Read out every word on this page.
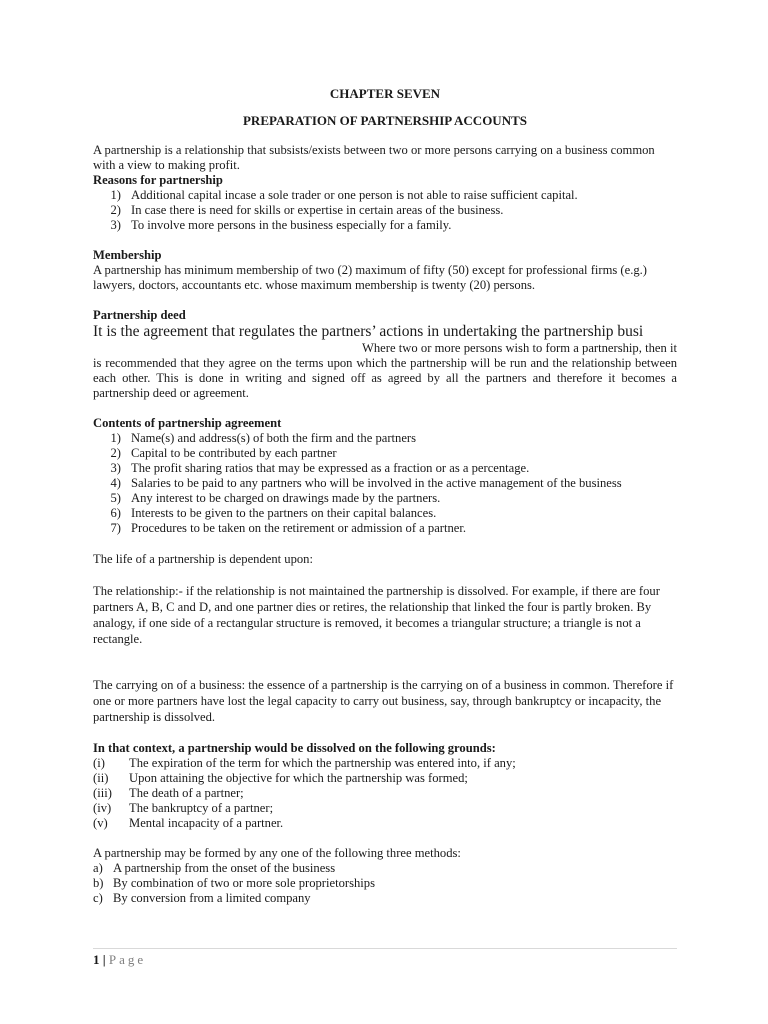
CHAPTER SEVEN
PREPARATION OF PARTNERSHIP ACCOUNTS
A partnership is a relationship that subsists/exists between two or more persons carrying on a business common with a view to making profit.
Reasons for partnership
1) Additional capital incase a sole trader or one person is not able to raise sufficient capital.
2) In case there is need for skills or expertise in certain areas of the business.
3) To involve more persons in the business especially for a family.
Membership
A partnership has minimum membership of two (2) maximum of fifty (50) except for professional firms (e.g.) lawyers, doctors, accountants etc. whose maximum membership is twenty (20) persons.
Partnership deed
It is the agreement that regulates the partners’ actions in undertaking the partnership busi
Where two or more persons wish to form a partnership, then it is recommended that they agree on the terms upon which the partnership will be run and the relationship between each other. This is done in writing and signed off as agreed by all the partners and therefore it becomes a partnership deed or agreement.
Contents of partnership agreement
1) Name(s) and address(s) of both the firm and the partners
2) Capital to be contributed by each partner
3) The profit sharing ratios that may be expressed as a fraction or as a percentage.
4) Salaries to be paid to any partners who will be involved in the active management of the business
5) Any interest to be charged on drawings made by the partners.
6) Interests to be given to the partners on their capital balances.
7) Procedures to be taken on the retirement or admission of a partner.
The life of a partnership is dependent upon:
The relationship:- if the relationship is not maintained the partnership is dissolved. For example, if there are four partners A, B, C and D, and one partner dies or retires, the relationship that linked the four is partly broken. By analogy, if one side of a rectangular structure is removed, it becomes a triangular structure; a triangle is not a rectangle.
The carrying on of a business: the essence of a partnership is the carrying on of a business in common. Therefore if one or more partners have lost the legal capacity to carry out business, say, through bankruptcy or incapacity, the partnership is dissolved.
In that context, a partnership would be dissolved on the following grounds:
(i)	The expiration of the term for which the partnership was entered into, if any;
(ii)	Upon attaining the objective for which the partnership was formed;
(iii)	The death of a partner;
(iv)	The bankruptcy of a partner;
(v)	Mental incapacity of a partner.
A partnership may be formed by any one of the following three methods:
a) A partnership from the onset of the business
b) By combination of two or more sole proprietorships
c) By conversion from a limited company
1 | Page
